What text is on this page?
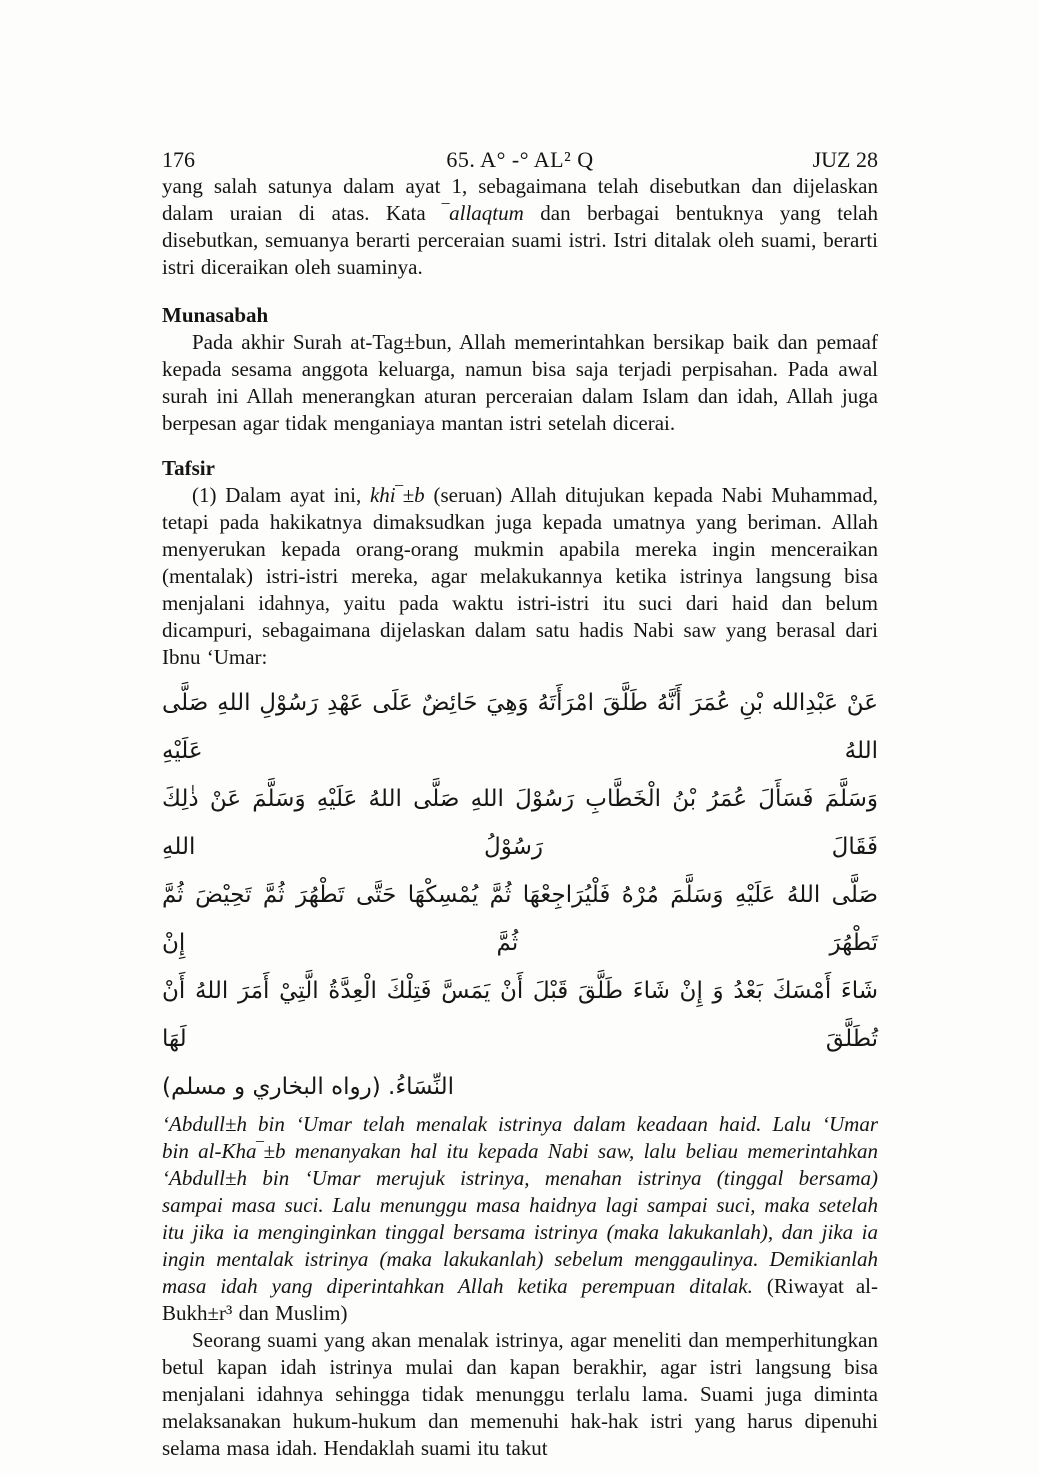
176	65. A° -° AL² Q	JUZ 28

yang salah satunya dalam ayat 1, sebagaimana telah disebutkan dan dijelaskan dalam uraian di atas. Kata ‾allaqtum dan berbagai bentuknya yang telah disebutkan, semuanya berarti perceraian suami istri. Istri ditalak oleh suami, berarti istri diceraikan oleh suaminya.

Munasabah

Pada akhir Surah at-Tag±bun, Allah memerintahkan bersikap baik dan pemaaf kepada sesama anggota keluarga, namun bisa saja terjadi perpisahan. Pada awal surah ini Allah menerangkan aturan perceraian dalam Islam dan idah, Allah juga berpesan agar tidak menganiaya mantan istri setelah dicerai.

Tafsir

(1) Dalam ayat ini, khi‾±b (seruan) Allah ditujukan kepada Nabi Muhammad, tetapi pada hakikatnya dimaksudkan juga kepada umatnya yang beriman. Allah menyerukan kepada orang-orang mukmin apabila mereka ingin menceraikan (mentalak) istri-istri mereka, agar melakukannya ketika istrinya langsung bisa menjalani idahnya, yaitu pada waktu istri-istri itu suci dari haid dan belum dicampuri, sebagaimana dijelaskan dalam satu hadis Nabi saw yang berasal dari Ibnu ‘Umar:

عَنْ عَبْدِالله بْنِ عُمَرَ أَنَّهُ طَلَّقَ امْرَأَتَهُ وَهِيَ حَائِضٌ عَلَى عَهْدِ رَسُوْلِ اللهِ صَلَّى اللهُ عَلَيْهِ
وَسَلَّمَ فَسَأَلَ عُمَرُ بْنُ الْخَطَّابِ رَسُوْلَ اللهِ صَلَّى اللهُ عَلَيْهِ وَسَلَّمَ عَنْ ذٰلِكَ فَقَالَ رَسُوْلُ اللهِ
صَلَّى اللهُ عَلَيْهِ وَسَلَّمَ مُرْهُ فَلْيُرَاجِعْهَا ثُمَّ يُمْسِكْهَا حَتَّى تَطْهُرَ ثُمَّ تَحِيْضَ ثُمَّ تَطْهُرَ ثُمَّ إِنْ
شَاءَ أَمْسَكَ بَعْدُ وَ إِنْ شَاءَ طَلَّقَ قَبْلَ أَنْ يَمَسَّ فَتِلْكَ الْعِدَّةُ الَّتِيْ أَمَرَ اللهُ أَنْ تُطَلَّقَ لَهَا
النِّسَاءُ. (رواه البخاري و مسلم)

‘Abdull±h bin ‘Umar telah menalak istrinya dalam keadaan haid. Lalu ‘Umar bin al-Kha‾±b menanyakan hal itu kepada Nabi saw, lalu beliau memerintahkan ‘Abdull±h bin ‘Umar merujuk istrinya, menahan istrinya (tinggal bersama) sampai masa suci. Lalu menunggu masa haidnya lagi sampai suci, maka setelah itu jika ia menginginkan tinggal bersama istrinya (maka lakukanlah), dan jika ia ingin mentalak istrinya (maka lakukanlah) sebelum menggaulinya. Demikianlah masa idah yang diperintahkan Allah ketika perempuan ditalak. (Riwayat al-Bukh±r³ dan Muslim)

Seorang suami yang akan menalak istrinya, agar meneliti dan memperhitungkan betul kapan idah istrinya mulai dan kapan berakhir, agar istri langsung bisa menjalani idahnya sehingga tidak menunggu terlalu lama. Suami juga diminta melaksanakan hukum-hukum dan memenuhi hak-hak istri yang harus dipenuhi selama masa idah. Hendaklah suami itu takut
